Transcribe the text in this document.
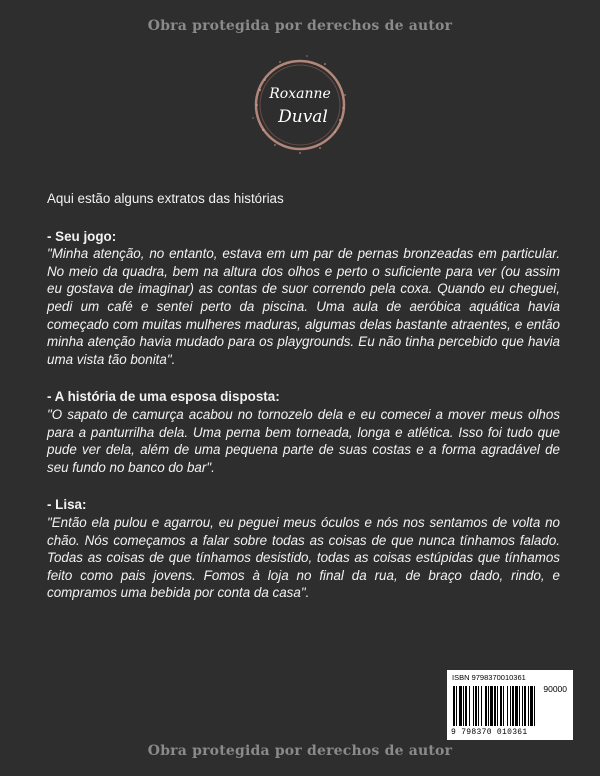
Obra protegida por derechos de autor
Roxanne
Duval

Aqui estão alguns extratos das histórias

- Seu jogo:

"Minha atenção, no entanto, estava em um par de pernas bronzeadas em particular. No meio da quadra, bem na altura dos olhos e perto o suficiente para ver (ou assim eu gostava de imaginar) as contas de suor correndo pela coxa. Quando eu cheguei, pedi um café e sentei perto da piscina. Uma aula de aeróbica aquática havia começado com muitas mulheres maduras, algumas delas bastante atraentes, e então minha atenção havia mudado para os playgrounds. Eu não tinha percebido que havia uma vista tão bonita".

- A história de uma esposa disposta:

"O sapato de camurça acabou no tornozelo dela e eu comecei a mover meus olhos para a panturrilha dela. Uma perna bem torneada, longa e atlética. Isso foi tudo que pude ver dela, além de uma pequena parte de suas costas e a forma agradável de seu fundo no banco do bar".

- Lisa:

"Então ela pulou e agarrou, eu peguei meus óculos e nós nos sentamos de volta no chão. Nós começamos a falar sobre todas as coisas de que nunca tínhamos falado. Todas as coisas de que tínhamos desistido, todas as coisas estúpidas que tínhamos feito como pais jovens. Fomos à loja no final da rua, de braço dado, rindo, e compramos uma bebida por conta da casa".

ISBN 9798370010361
90000
9 798370 010361
Obra protegida por derechos de autor
